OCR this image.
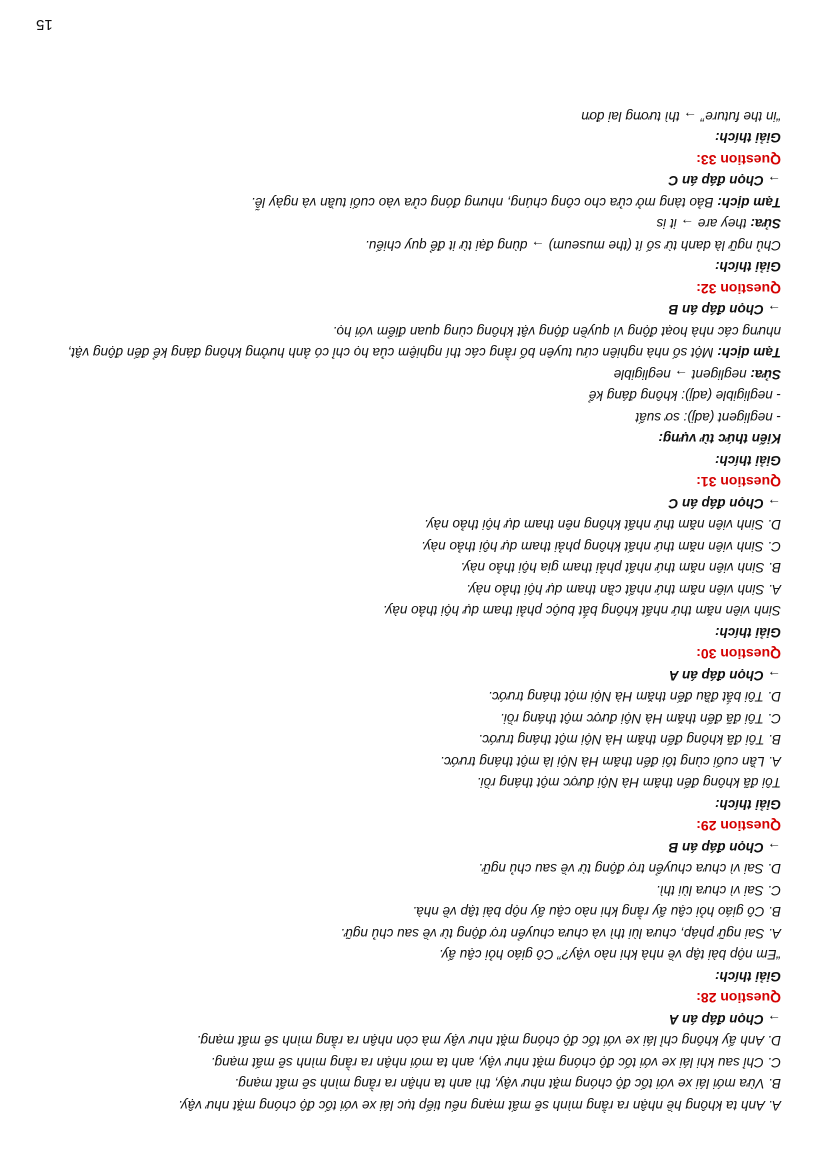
A. Anh ta không hề nhận ra rằng mình sẽ mất mạng nếu tiếp tục lái xe với tốc độ chóng mặt như vậy.
B. Vừa mới lái xe với tốc độ chóng mặt như vậy, thì anh ta nhận ra rằng mình sẽ mất mạng.
C. Chỉ sau khi lái xe với tốc độ chóng mặt như vậy, anh ta mới nhận ra rằng mình sẽ mất mạng.
D. Anh ấy không chỉ lái xe với tốc độ chóng mặt như vậy mà còn nhận ra rằng mình sẽ mất mạng.
→ Chọn đáp án A
Question 28:
Giải thích:
“Em nộp bài tập về nhà khi nào vậy?” Cô giáo hỏi cậu ấy.
A. Sai ngữ pháp, chưa lùi thì và chưa chuyển trợ động từ về sau chủ ngữ.
B. Cô giáo hỏi cậu ấy rằng khi nào cậu ấy nộp bài tập về nhà.
C. Sai vì chưa lùi thì.
D. Sai vì chưa chuyển trợ động từ về sau chủ ngữ.
→ Chọn đáp án B
Question 29:
Giải thích:
Tôi đã không đến thăm Hà Nội được một tháng rồi.
A. Lần cuối cùng tôi đến thăm Hà Nội là một tháng trước.
B. Tôi đã không đến thăm Hà Nội một tháng trước.
C. Tôi đã đến thăm Hà Nội được một tháng rồi.
D. Tôi bắt đầu đến thăm Hà Nội một tháng trước.
→ Chọn đáp án A
Question 30:
Giải thích:
Sinh viên năm thứ nhất không bắt buộc phải tham dự hội thảo này.
A. Sinh viên năm thứ nhất cần tham dự hội thảo này.
B. Sinh viên năm thứ nhất phải tham gia hội thảo này.
C. Sinh viên năm thứ nhất không phải tham dự hội thảo này.
D. Sinh viên năm thứ nhất không nên tham dự hội thảo này.
→ Chọn đáp án C
Question 31:
Giải thích:
Kiến thức từ vựng:
- negligent (adj): sơ suất
- negligible (adj): không đáng kể
Sửa: negligent → negligible
Tạm dịch: Một số nhà nghiên cứu tuyên bố rằng các thí nghiệm của họ chỉ có ảnh hưởng không đáng kể đến động vật, nhưng các nhà hoạt động vì quyền động vật không cùng quan điểm với họ.
→ Chọn đáp án B
Question 32:
Giải thích:
Chủ ngữ là danh từ số ít (the museum) → dùng đại từ it để quy chiếu.
Sửa: they are → it is
Tạm dịch: Bảo tàng mở cửa cho công chúng, nhưng đóng cửa vào cuối tuần và ngày lễ.
→ Chọn đáp án C
Question 33:
Giải thích:
“in the future” → thì tương lai đơn
15
